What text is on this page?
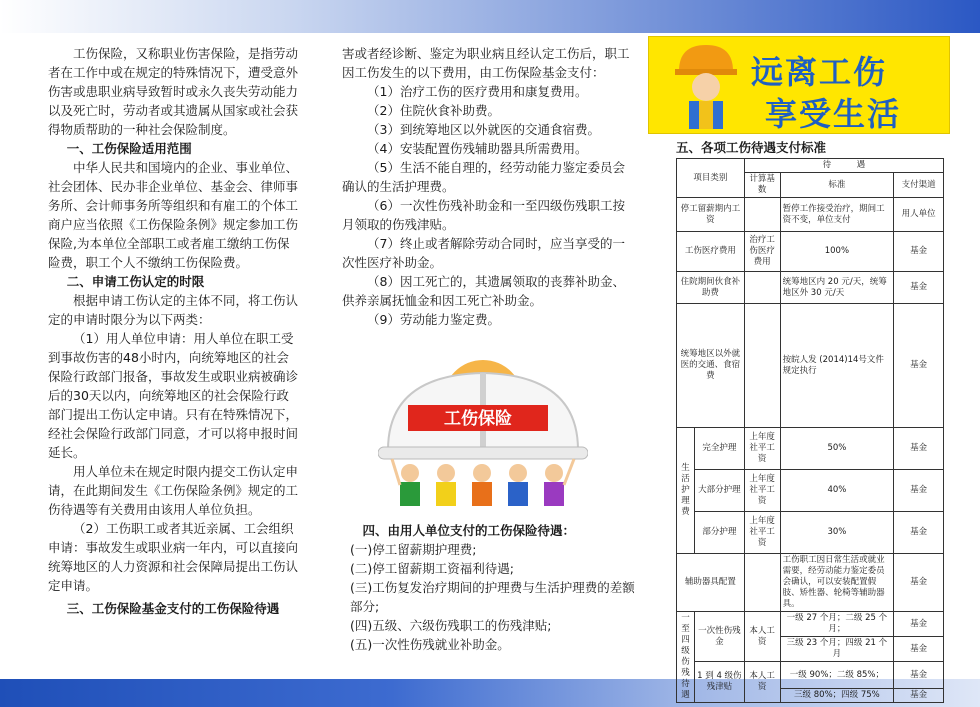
工伤保险，又称职业伤害保险，是指劳动者在工作中或在规定的特殊情况下，遭受意外伤害或患职业病导致暂时或永久丧失劳动能力以及死亡时，劳动者或其遗属从国家或社会获得物质帮助的一种社会保险制度。

一、工伤保险适用范围

中华人民共和国境内的企业、事业单位、社会团体、民办非企业单位、基金会、律师事务所、会计师事务所等组织和有雇工的个体工商户应当依照《工伤保险条例》规定参加工伤保险,为本单位全部职工或者雇工缴纳工伤保险费，职工个人不缴纳工伤保险费。

二、申请工伤认定的时限

根据申请工伤认定的主体不同，将工伤认定的申请时限分为以下两类：

（1）用人单位申请：用人单位在职工受到事故伤害的48小时内，向统筹地区的社会保险行政部门报备，事故发生或职业病被确诊后的30天以内，向统筹地区的社会保险行政部门提出工伤认定申请。只有在特殊情况下，经社会保险行政部门同意，才可以将申报时间延长。

用人单位未在规定时限内提交工伤认定申请，在此期间发生《工伤保险条例》规定的工伤待遇等有关费用由该用人单位负担。

（2）工伤职工或者其近亲属、工会组织申请：事故发生或职业病一年内，可以直接向统筹地区的人力资源和社会保障局提出工伤认定申请。

三、工伤保险基金支付的工伤保险待遇

害或者经诊断、鉴定为职业病且经认定工伤后，职工因工伤发生的以下费用，由工伤保险基金支付：

（1）治疗工伤的医疗费用和康复费用。

（2）住院伙食补助费。

（3）到统筹地区以外就医的交通食宿费。

（4）安装配置伤残辅助器具所需费用。

（5）生活不能自理的，经劳动能力鉴定委员会确认的生活护理费。

（6）一次性伤残补助金和一至四级伤残职工按月领取的伤残津贴。

（7）终止或者解除劳动合同时，应当享受的一次性医疗补助金。

（8）因工死亡的，其遗属领取的丧葬补助金、供养亲属抚恤金和因工死亡补助金。

（9）劳动能力鉴定费。

工伤保险
四、由用人单位支付的工伤保险待遇：

(一)停工留薪期护理费;

(二)停工留薪期工资福利待遇;

(三)工伤复发治疗期间的护理费与生活护理费的差额部分;

(四)五级、六级伤残职工的伤残津贴;

(五)一次性伤残就业补助金。

远离工伤
享受生活
五、各项工伤待遇支付标准
项目类别		待　　　遇		
		计算基数	标准	支付渠道
停工留薪期内工资			暂停工作接受治疗，期间工资不变，单位支付	用人单位
工伤医疗费用		治疗工伤医疗费用	100%	基金
住院期间伙食补助费			统筹地区内 20 元/天，统筹地区外 30 元/天	基金
统筹地区以外就医的交通、食宿费			按皖人发 (2014)14号文件规定执行	基金
生活护理费	完全护理	上年度社平工资	50%	基金
	大部分护理	上年度社平工资	40%	基金
	部分护理	上年度社平工资	30%	基金
辅助器具配置			工伤职工因日常生活或就业需要，经劳动能力鉴定委员会确认，可以安装配置假肢、矫性器、轮椅等辅助器具。	基金
一至四级伤残待遇	一次性伤残金	本人工资	一级 27 个月；二级 25 个月；	基金
			三级 23 个月；四级 21 个月	基金
	1 到 4 级伤残津贴	本人工资	一级 90%；二级 85%；	基金
			三级 80%；四级 75%	基金
